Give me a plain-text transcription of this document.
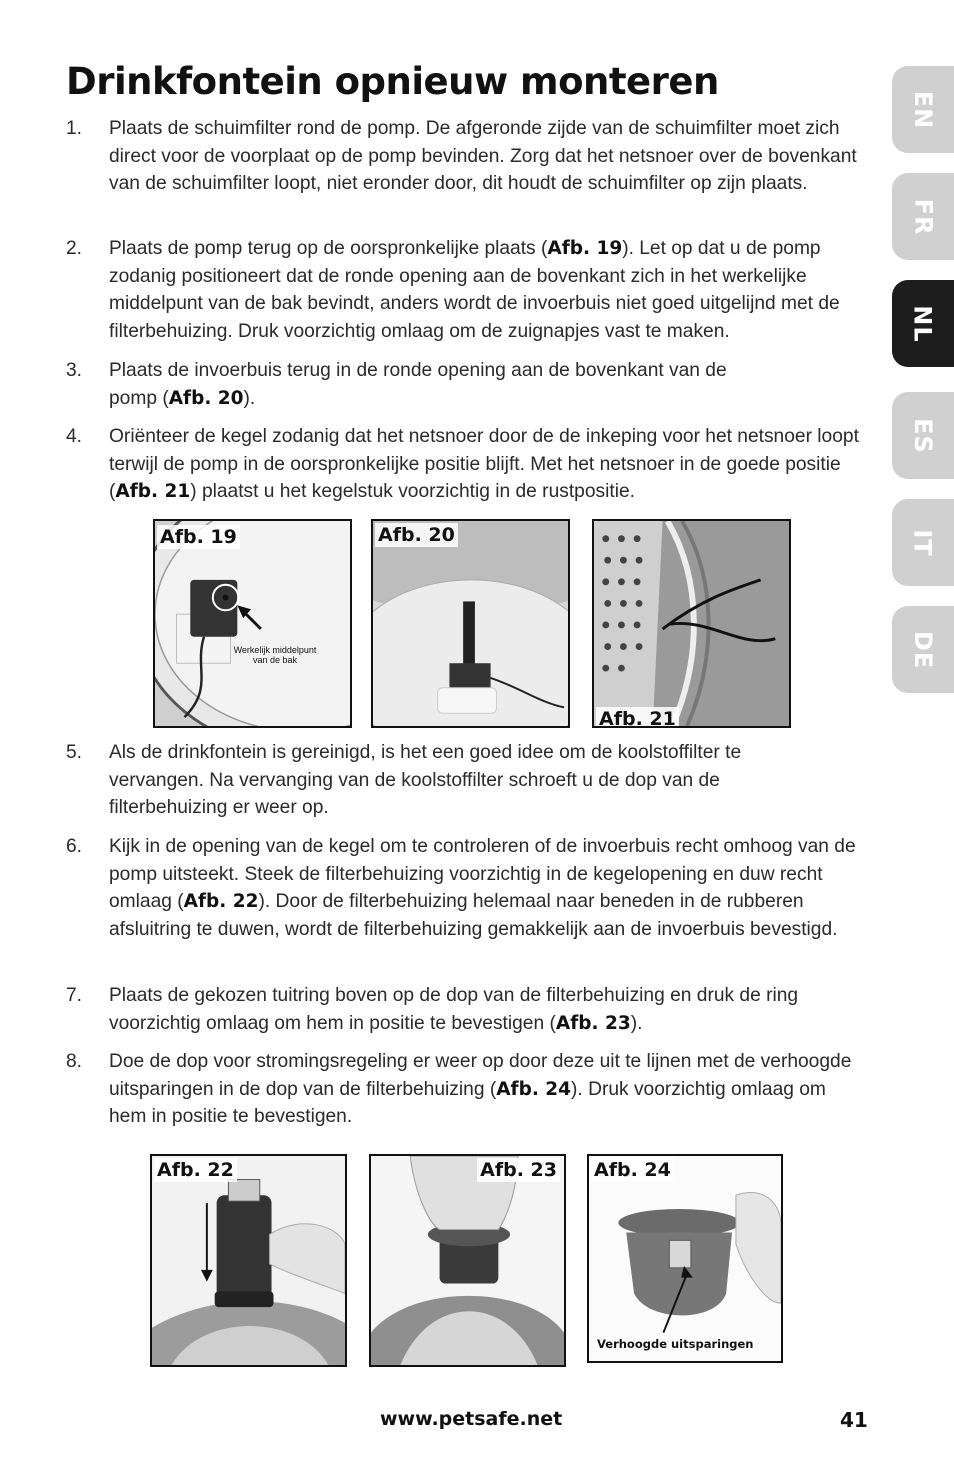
Drinkfontein opnieuw monteren
EN
FR
NL
ES
IT
DE
1.	Plaats de schuimfilter rond de pomp. De afgeronde zijde van de schuimfilter moet zich direct voor de voorplaat op de pomp bevinden. Zorg dat het netsnoer over de bovenkant van de schuimfilter loopt, niet eronder door, dit houdt de schuimfilter op zijn plaats.
2.	Plaats de pomp terug op de oorspronkelijke plaats (Afb. 19). Let op dat u de pomp zodanig positioneert dat de ronde opening aan de bovenkant zich in het werkelijke middelpunt van de bak bevindt, anders wordt de invoerbuis niet goed uitgelijnd met de filterbehuizing. Druk voorzichtig omlaag om de zuignapjes vast te maken.
3.	Plaats de invoerbuis terug in de ronde opening aan de bovenkant van de pomp (Afb. 20).
4.	Oriënteer de kegel zodanig dat het netsnoer door de de inkeping voor het netsnoer loopt terwijl de pomp in de oorspronkelijke positie blijft. Met het netsnoer in de goede positie (Afb. 21) plaatst u het kegelstuk voorzichtig in de rustpositie.
5.	Als de drinkfontein is gereinigd, is het een goed idee om de koolstoffilter te vervangen. Na vervanging van de koolstoffilter schroeft u de dop van de filterbehuizing er weer op.
6.	Kijk in de opening van de kegel om te controleren of de invoerbuis recht omhoog van de pomp uitsteekt. Steek de filterbehuizing voorzichtig in de kegelopening en duw recht omlaag (Afb. 22). Door de filterbehuizing helemaal naar beneden in de rubberen afsluitring te duwen, wordt de filterbehuizing gemakkelijk aan de invoerbuis bevestigd.
7.	Plaats de gekozen tuitring boven op de dop van de filterbehuizing en druk de ring voorzichtig omlaag om hem in positie te bevestigen (Afb. 23).
8.	Doe de dop voor stromingsregeling er weer op door deze uit te lijnen met de verhoogde uitsparingen in de dop van de filterbehuizing (Afb. 24). Druk voorzichtig omlaag om hem in positie te bevestigen.
Afb. 19
Werkelijk middelpunt
van de bak
Afb. 20
Afb. 21
Afb. 22	Afb. 23 Afb. 24
Verhoogde uitsparingen
www.petsafe.net	41
